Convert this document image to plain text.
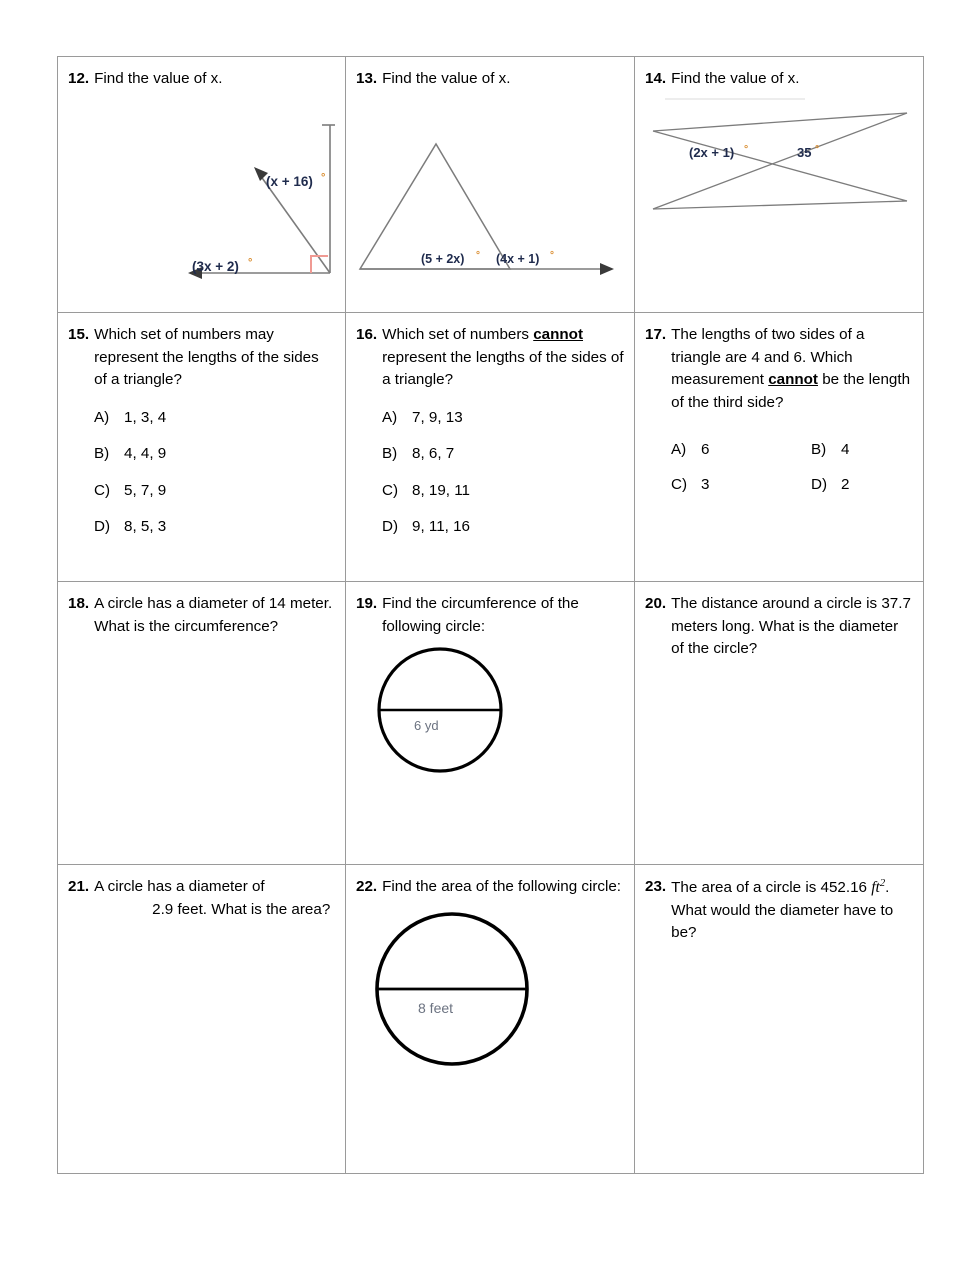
12. Find the value of x.
(x + 16) °
(3x + 2) °

13. Find the value of x.
(5 + 2x) ° (4x + 1) °

14. Find the value of x.
(2x + 1) °	35 °

15. Which set of numbers may represent the lengths of the sides of a triangle?
A) 1, 3, 4
B) 4, 4, 9
C) 5, 7, 9
D) 8, 5, 3

16. Which set of numbers cannot represent the lengths of the sides of a triangle?
A) 7, 9, 13
B) 8, 6, 7
C) 8, 19, 11
D) 9, 11, 16

17. The lengths of two sides of a triangle are 4 and 6. Which measurement cannot be the length of the third side?
A) 6	B) 4
C) 3	D) 2

18. A circle has a diameter of 14 meter. What is the circumference?

19. Find the circumference of the following circle:
6 yd

20. The distance around a circle is 37.7 meters long. What is the diameter of the circle?

21. A circle has a diameter of
2.9 feet. What is the area?

22. Find the area of the following circle:
8 feet

23. The area of a circle is 452.16 $ft^2$. What would the diameter have to be?
